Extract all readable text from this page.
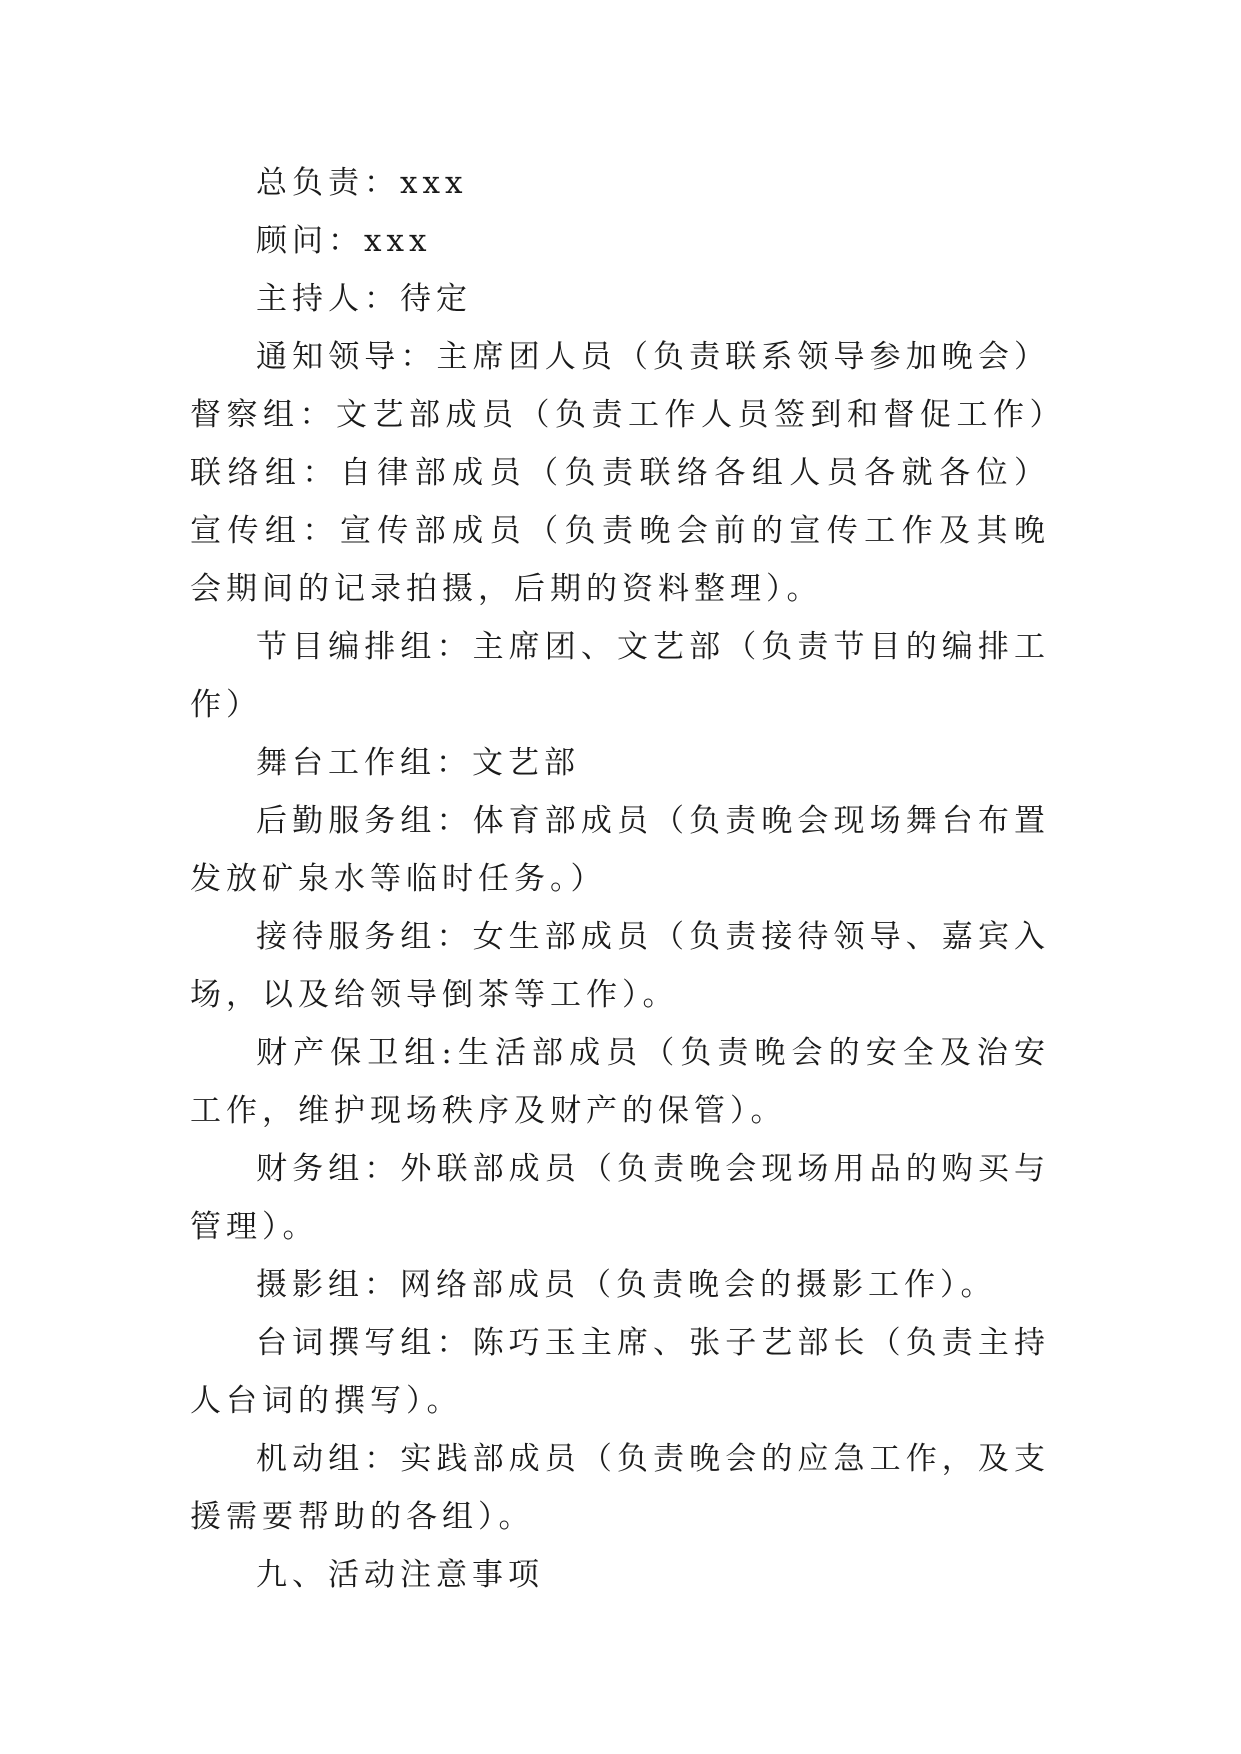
总负责：xxx

顾问：xxx

主持人：待定

通知领导：主席团人员（负责联系领导参加晚会）督察组：文艺部成员（负责工作人员签到和督促工作）联络组：自律部成员（负责联络各组人员各就各位）宣传组：宣传部成员（负责晚会前的宣传工作及其晚会期间的记录拍摄，后期的资料整理）。

节目编排组：主席团、文艺部（负责节目的编排工作）

舞台工作组：文艺部

后勤服务组：体育部成员（负责晚会现场舞台布置发放矿泉水等临时任务。）

接待服务组：女生部成员（负责接待领导、嘉宾入场，以及给领导倒茶等工作）。

财产保卫组:生活部成员（负责晚会的安全及治安工作，维护现场秩序及财产的保管）。

财务组：外联部成员（负责晚会现场用品的购买与管理）。

摄影组：网络部成员（负责晚会的摄影工作）。

台词撰写组：陈巧玉主席、张子艺部长（负责主持人台词的撰写）。

机动组：实践部成员（负责晚会的应急工作，及支援需要帮助的各组）。

九、活动注意事项
